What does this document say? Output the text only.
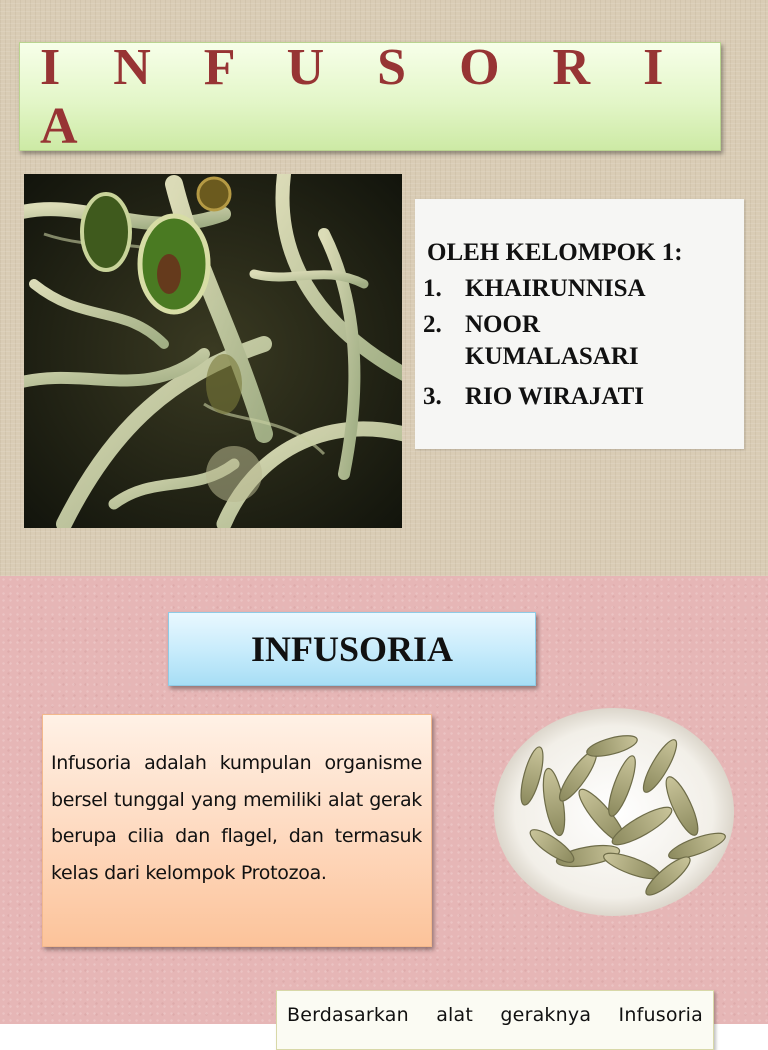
I N F U S O R I A
OLEH KELOMPOK 1:
1. KHAIRUNNISA
2. NOOR KUMALASARI
3. RIO WIRAJATI
INFUSORIA

Infusoria adalah kumpulan organisme bersel tunggal yang memiliki alat gerak berupa cilia dan flagel, dan termasuk kelas dari kelompok Protozoa.

Berdasarkan alat geraknya Infusoria
